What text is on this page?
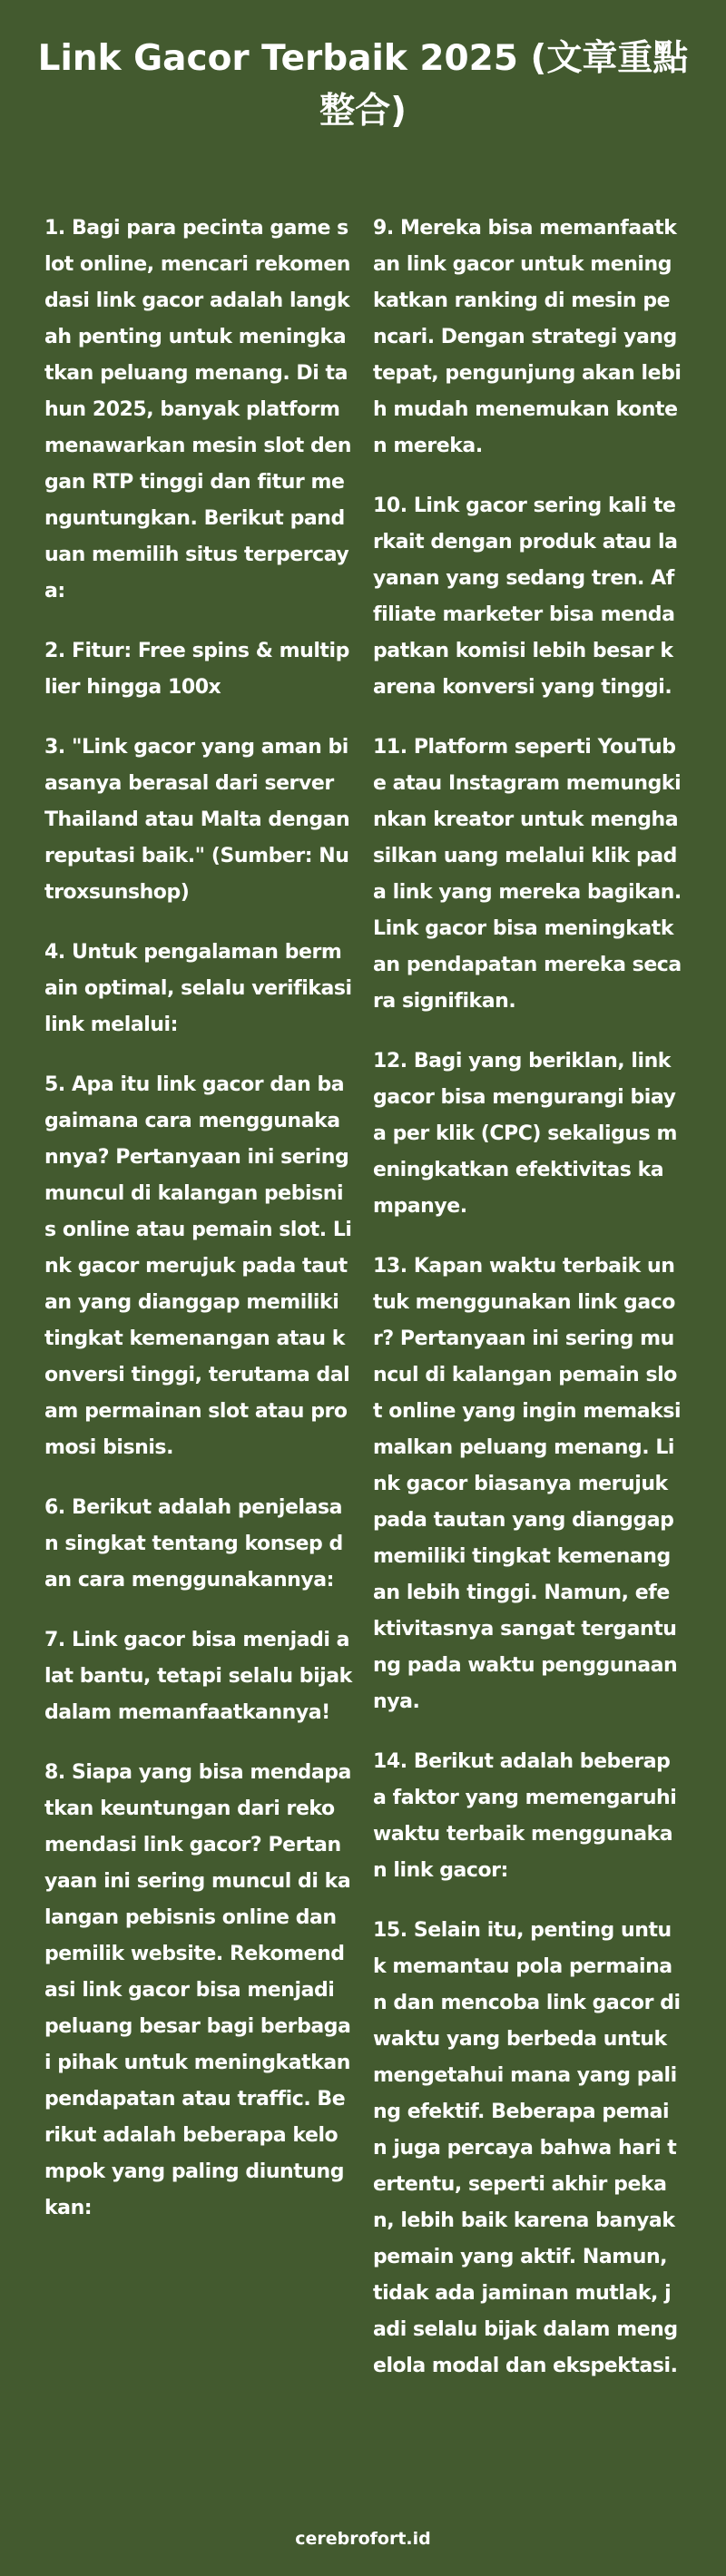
Link Gacor Terbaik 2025 (文章重點整合)

1. Bagi para pecinta game slot online, mencari rekomendasi link gacor adalah langkah penting untuk meningkatkan peluang menang. Di tahun 2025, banyak platform menawarkan mesin slot dengan RTP tinggi dan fitur menguntungkan. Berikut panduan memilih situs terpercaya:

2. Fitur: Free spins & multiplier hingga 100x

3. "Link gacor yang aman biasanya berasal dari server Thailand atau Malta dengan reputasi baik." (Sumber: Nutroxsunshop)

4. Untuk pengalaman bermain optimal, selalu verifikasi link melalui:

5. Apa itu link gacor dan bagaimana cara menggunakannya? Pertanyaan ini sering muncul di kalangan pebisnis online atau pemain slot. Link gacor merujuk pada tautan yang dianggap memiliki tingkat kemenangan atau konversi tinggi, terutama dalam permainan slot atau promosi bisnis.

6. Berikut adalah penjelasan singkat tentang konsep dan cara menggunakannya:

7. Link gacor bisa menjadi alat bantu, tetapi selalu bijak dalam memanfaatkannya!

8. Siapa yang bisa mendapatkan keuntungan dari rekomendasi link gacor? Pertanyaan ini sering muncul di kalangan pebisnis online dan pemilik website. Rekomendasi link gacor bisa menjadi peluang besar bagi berbagai pihak untuk meningkatkan pendapatan atau traffic. Berikut adalah beberapa kelompok yang paling diuntungkan:

9. Mereka bisa memanfaatkan link gacor untuk meningkatkan ranking di mesin pencari. Dengan strategi yang tepat, pengunjung akan lebih mudah menemukan konten mereka.

10. Link gacor sering kali terkait dengan produk atau layanan yang sedang tren. Affiliate marketer bisa mendapatkan komisi lebih besar karena konversi yang tinggi.

11. Platform seperti YouTube atau Instagram memungkinkan kreator untuk menghasilkan uang melalui klik pada link yang mereka bagikan. Link gacor bisa meningkatkan pendapatan mereka secara signifikan.

12. Bagi yang beriklan, link gacor bisa mengurangi biaya per klik (CPC) sekaligus meningkatkan efektivitas kampanye.

13. Kapan waktu terbaik untuk menggunakan link gacor? Pertanyaan ini sering muncul di kalangan pemain slot online yang ingin memaksimalkan peluang menang. Link gacor biasanya merujuk pada tautan yang dianggap memiliki tingkat kemenangan lebih tinggi. Namun, efektivitasnya sangat tergantung pada waktu penggunaannya.

14. Berikut adalah beberapa faktor yang memengaruhi waktu terbaik menggunakan link gacor:

15. Selain itu, penting untuk memantau pola permainan dan mencoba link gacor di waktu yang berbeda untuk mengetahui mana yang paling efektif. Beberapa pemain juga percaya bahwa hari tertentu, seperti akhir pekan, lebih baik karena banyak pemain yang aktif. Namun, tidak ada jaminan mutlak, jadi selalu bijak dalam mengelola modal dan ekspektasi.

cerebrofort.id
